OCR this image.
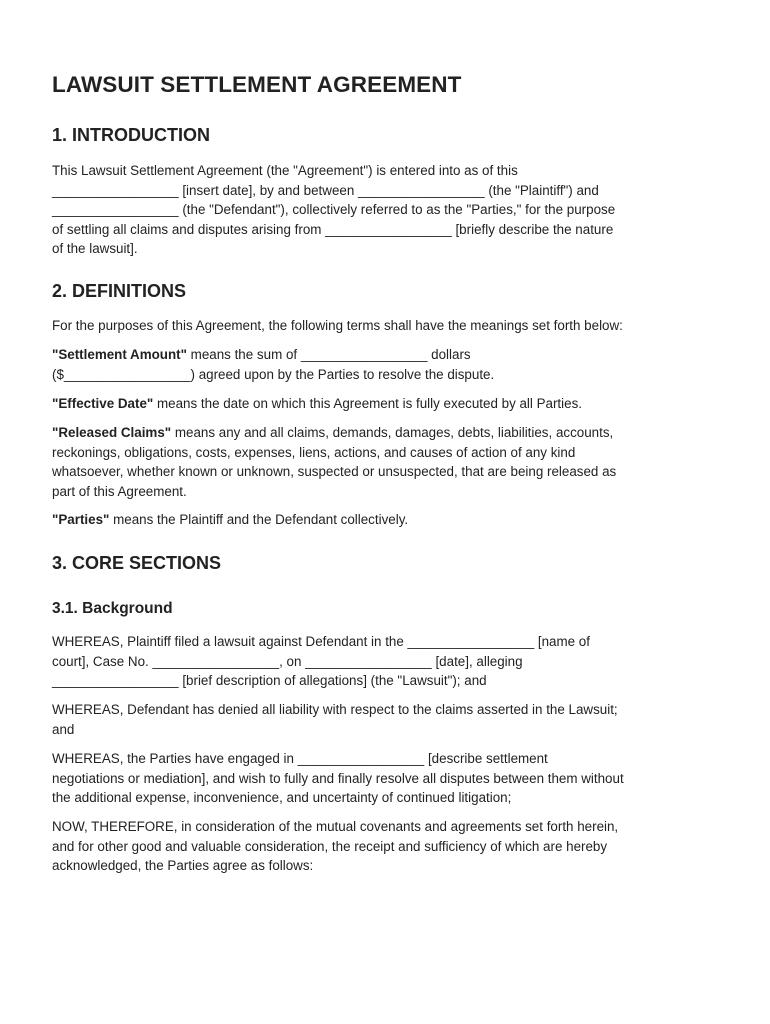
LAWSUIT SETTLEMENT AGREEMENT
1. INTRODUCTION

This Lawsuit Settlement Agreement (the "Agreement") is entered into as of this
_________________ [insert date], by and between _________________ (the "Plaintiff") and
_________________ (the "Defendant"), collectively referred to as the "Parties," for the purpose
of settling all claims and disputes arising from _________________ [briefly describe the nature
of the lawsuit].

2. DEFINITIONS

For the purposes of this Agreement, the following terms shall have the meanings set forth below:

"Settlement Amount" means the sum of _________________ dollars
($_________________) agreed upon by the Parties to resolve the dispute.

"Effective Date" means the date on which this Agreement is fully executed by all Parties.

"Released Claims" means any and all claims, demands, damages, debts, liabilities, accounts,
reckonings, obligations, costs, expenses, liens, actions, and causes of action of any kind
whatsoever, whether known or unknown, suspected or unsuspected, that are being released as
part of this Agreement.

"Parties" means the Plaintiff and the Defendant collectively.

3. CORE SECTIONS
3.1. Background

WHEREAS, Plaintiff filed a lawsuit against Defendant in the _________________ [name of
court], Case No. _________________, on _________________ [date], alleging
_________________ [brief description of allegations] (the "Lawsuit"); and

WHEREAS, Defendant has denied all liability with respect to the claims asserted in the Lawsuit;
and

WHEREAS, the Parties have engaged in _________________ [describe settlement
negotiations or mediation], and wish to fully and finally resolve all disputes between them without
the additional expense, inconvenience, and uncertainty of continued litigation;

NOW, THEREFORE, in consideration of the mutual covenants and agreements set forth herein,
and for other good and valuable consideration, the receipt and sufficiency of which are hereby
acknowledged, the Parties agree as follows:
